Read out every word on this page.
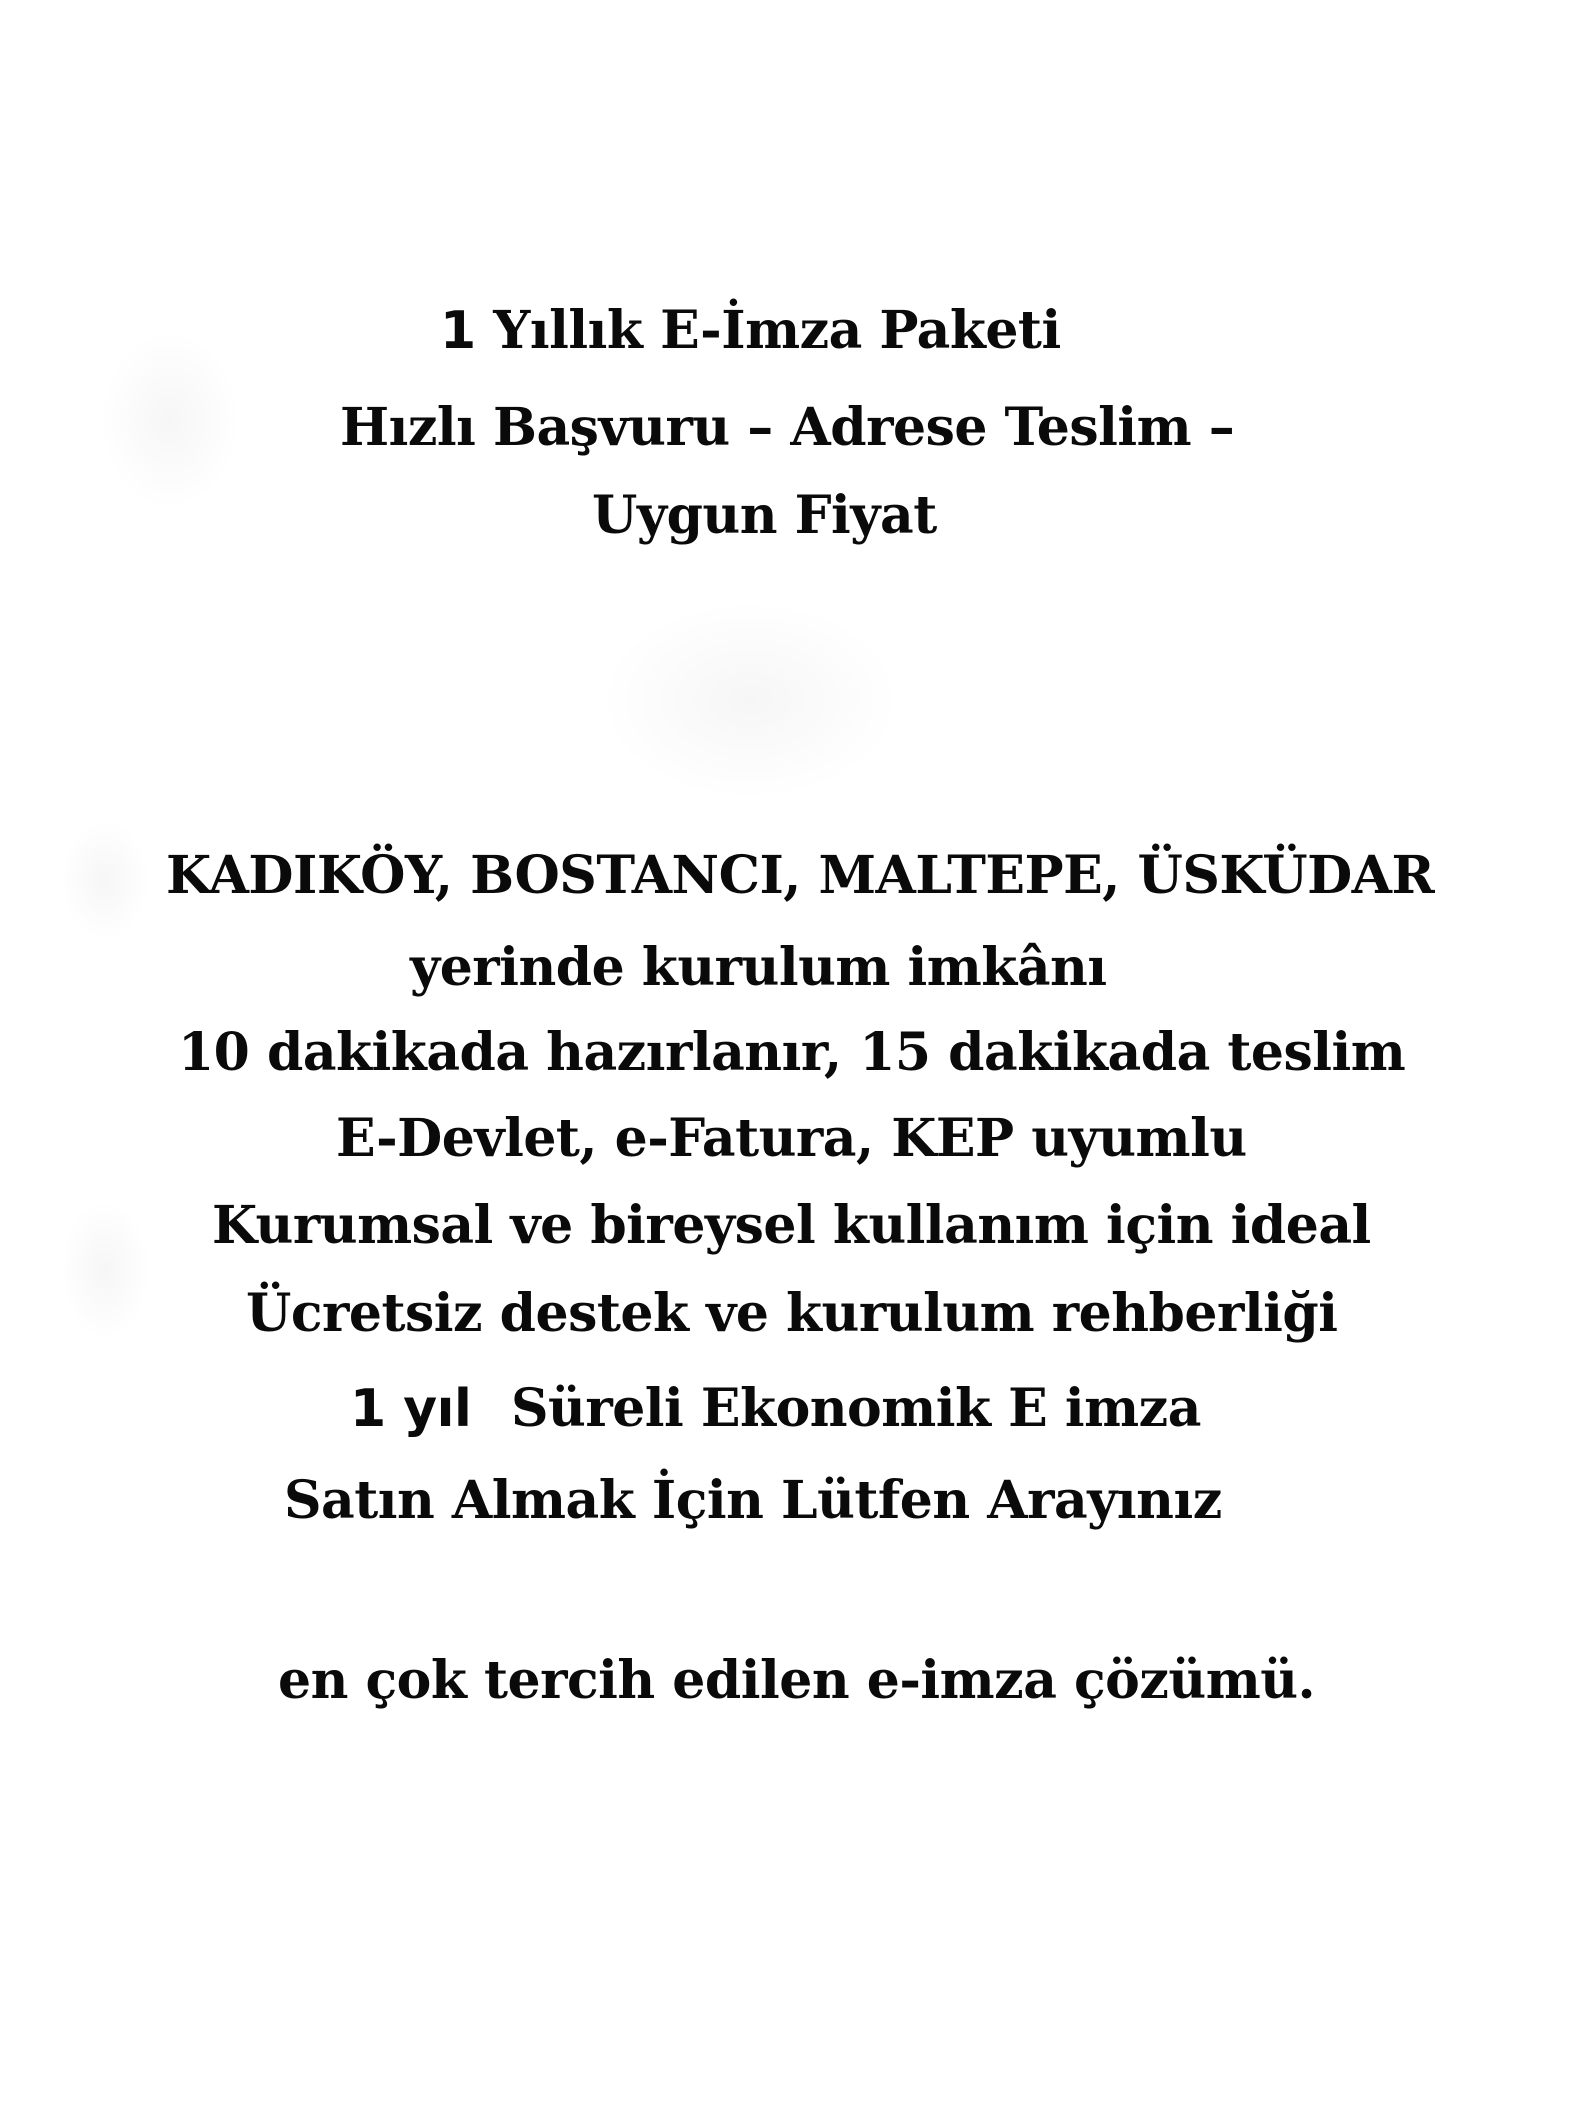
1 Yıllık E-İmza Paketi
Hızlı Başvuru – Adrese Teslim –
Uygun Fiyat
KADIKÖY, BOSTANCI, MALTEPE, ÜSKÜDAR
yerinde kurulum imkânı
10 dakikada hazırlanır, 15 dakikada teslim
E-Devlet, e-Fatura, KEP uyumlu
Kurumsal ve bireysel kullanım için ideal
Ücretsiz destek ve kurulum rehberliği
1 yıl Süreli Ekonomik E imza
Satın Almak İçin Lütfen Arayınız
en çok tercih edilen e-imza çözümü.
